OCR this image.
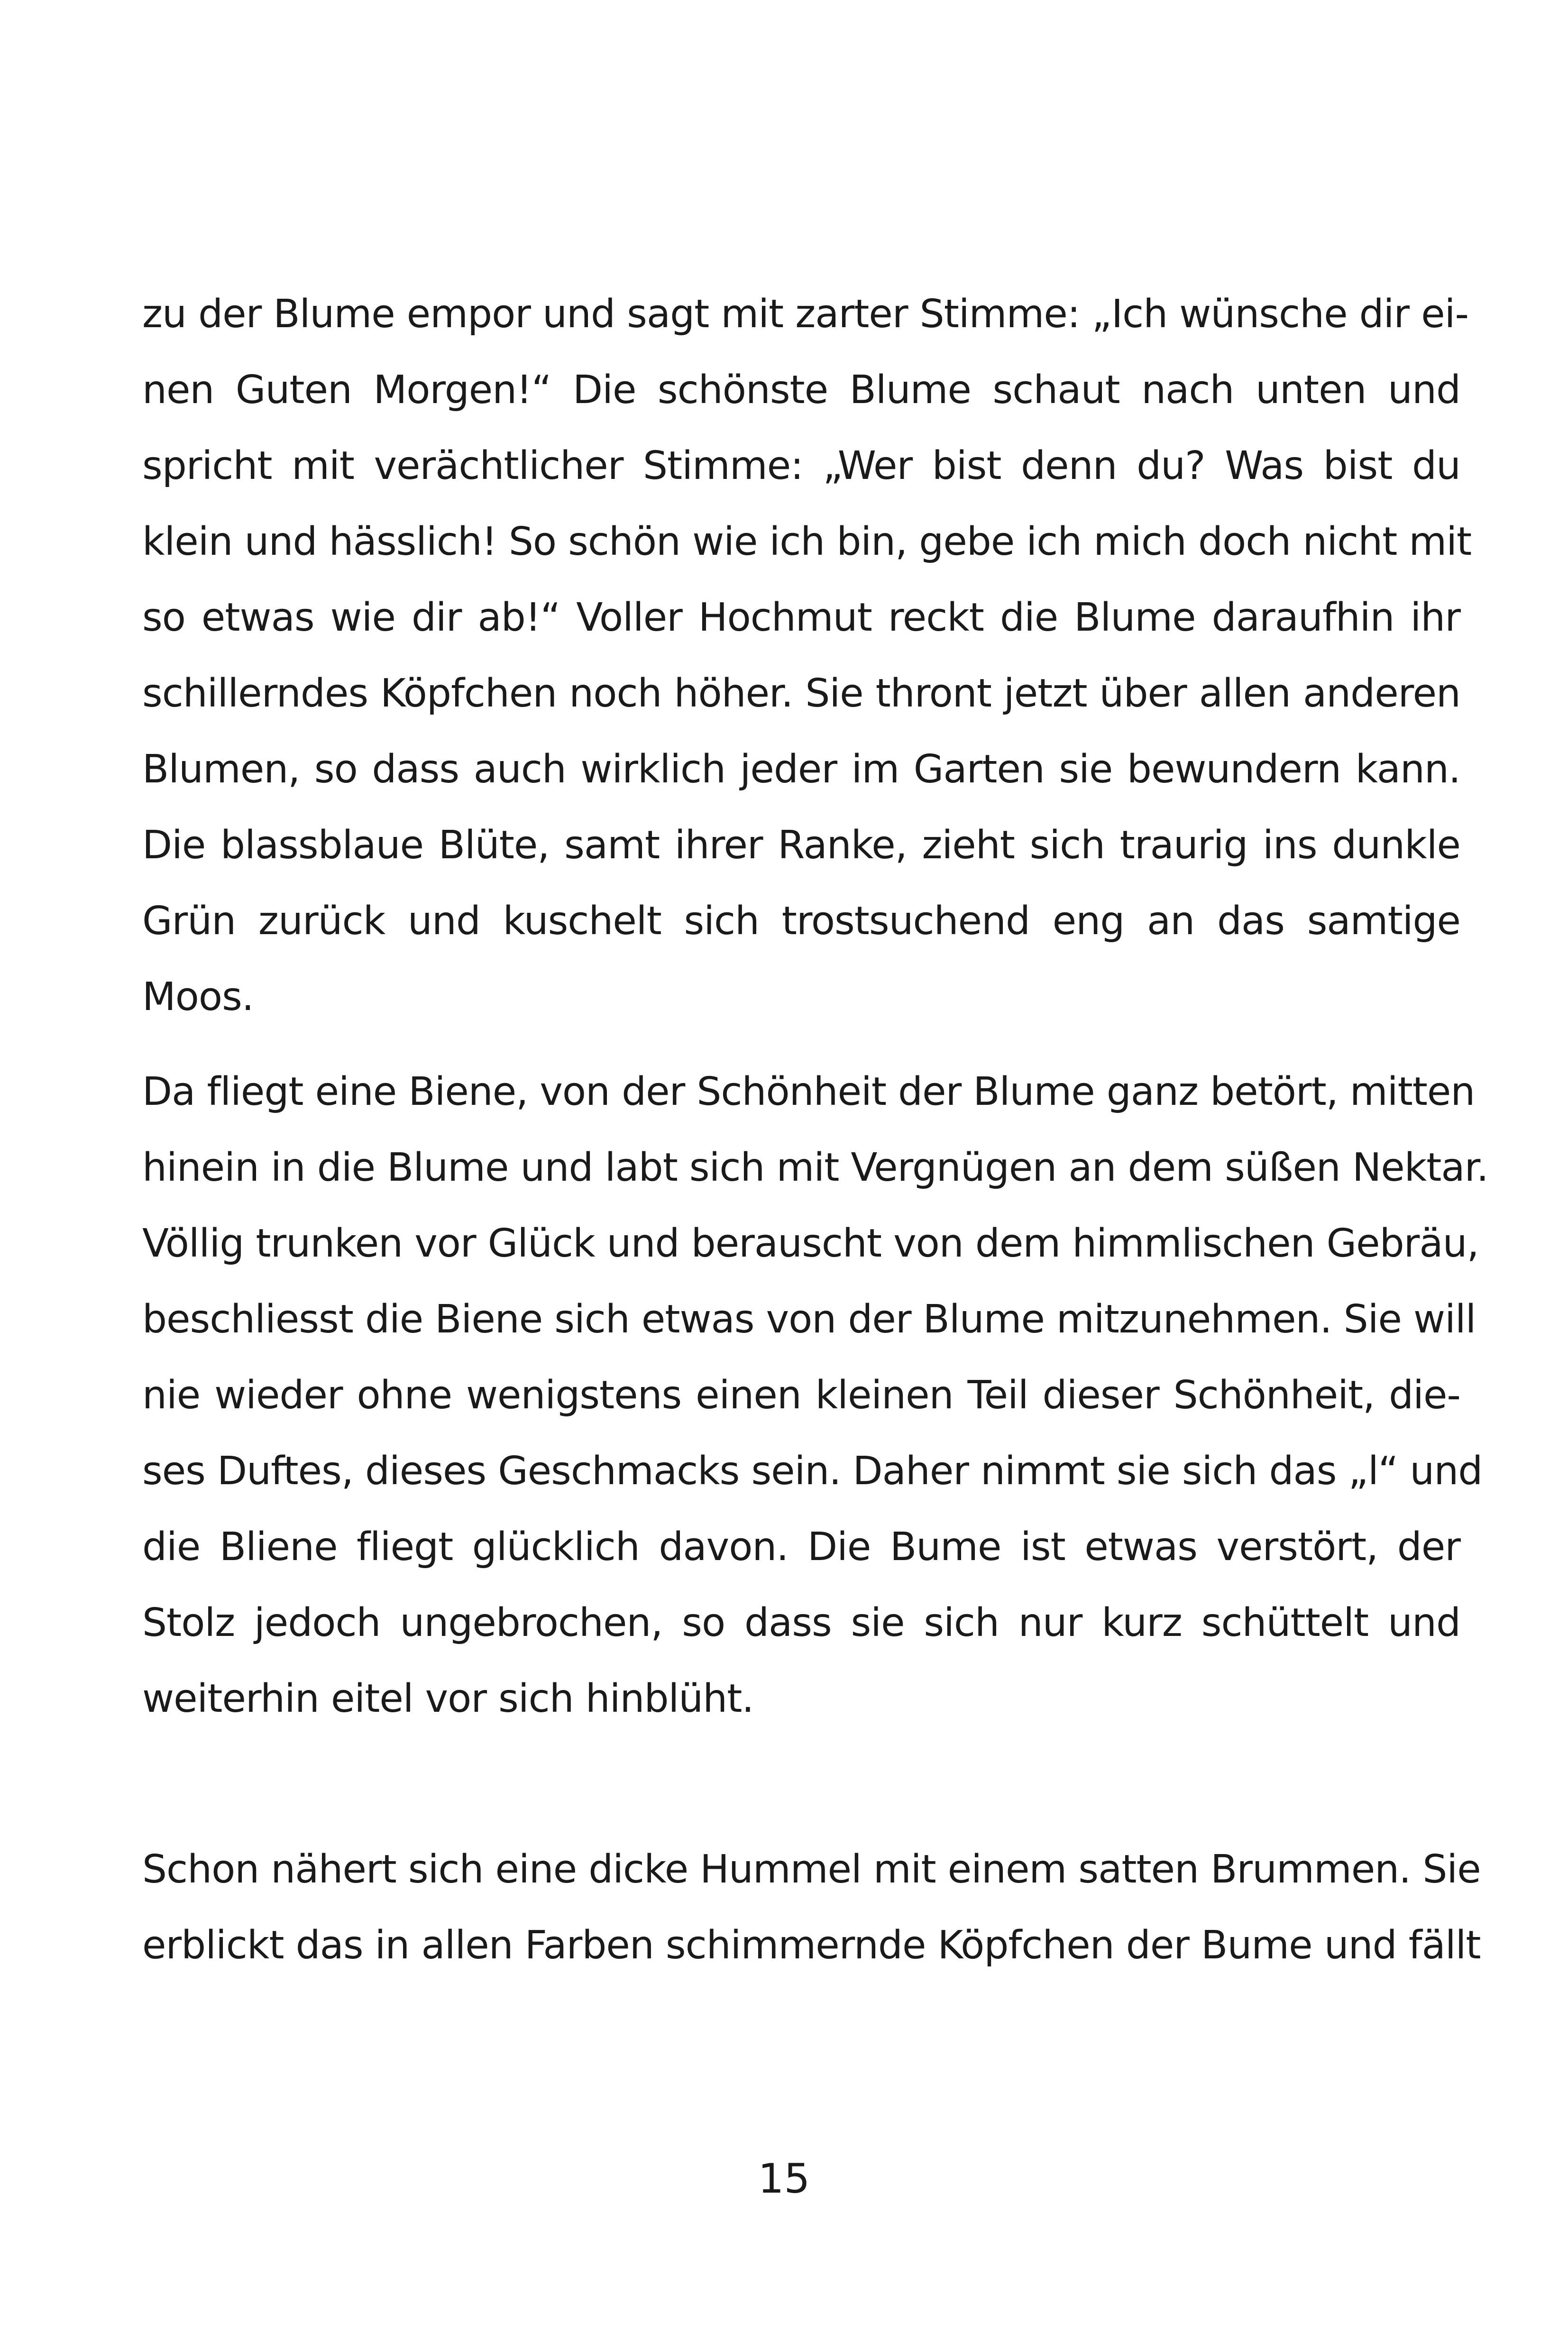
zu der Blume empor und sagt mit zarter Stimme: „Ich wünsche dir ei-
nen Guten Morgen!“ Die schönste Blume schaut nach unten und
spricht mit verächtlicher Stimme: „Wer bist denn du? Was bist du
klein und hässlich! So schön wie ich bin, gebe ich mich doch nicht mit
so etwas wie dir ab!“ Voller Hochmut reckt die Blume daraufhin ihr
schillerndes Köpfchen noch höher. Sie thront jetzt über allen anderen
Blumen, so dass auch wirklich jeder im Garten sie bewundern kann.
Die blassblaue Blüte, samt ihrer Ranke, zieht sich traurig ins dunkle
Grün zurück und kuschelt sich trostsuchend eng an das samtige
Moos.
Da fliegt eine Biene, von der Schönheit der Blume ganz betört, mitten
hinein in die Blume und labt sich mit Vergnügen an dem süßen Nektar.
Völlig trunken vor Glück und berauscht von dem himmlischen Gebräu,
beschliesst die Biene sich etwas von der Blume mitzunehmen. Sie will
nie wieder ohne wenigstens einen kleinen Teil dieser Schönheit, die-
ses Duftes, dieses Geschmacks sein. Daher nimmt sie sich das „l“ und
die Bliene fliegt glücklich davon. Die Bume ist etwas verstört, der
Stolz jedoch ungebrochen, so dass sie sich nur kurz schüttelt und
weiterhin eitel vor sich hinblüht.
Schon nähert sich eine dicke Hummel mit einem satten Brummen. Sie
erblickt das in allen Farben schimmernde Köpfchen der Bume und fällt
15
